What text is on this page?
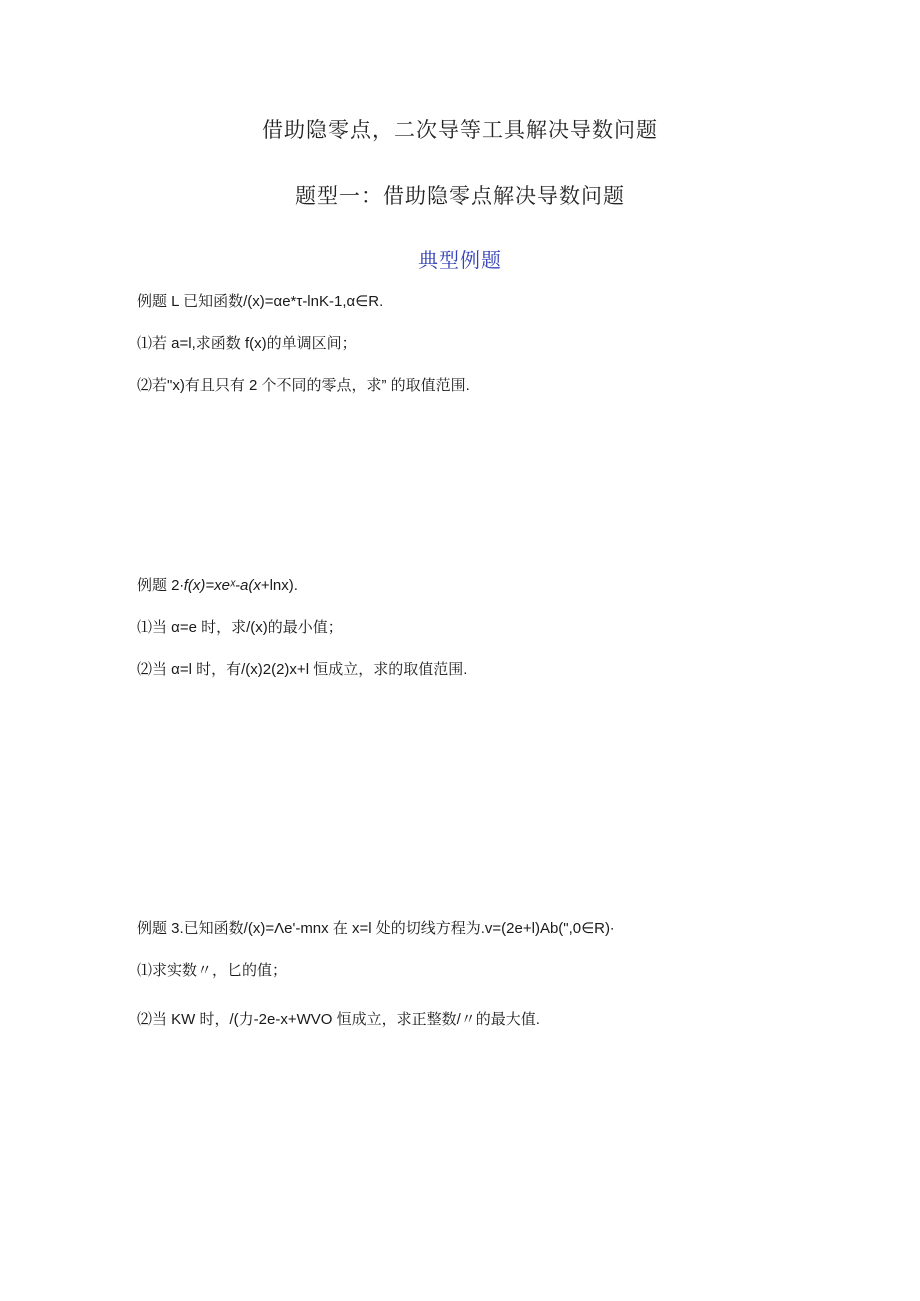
借助隐零点，二次导等工具解决导数问题
题型一：借助隐零点解决导数问题
典型例题
例题 L 已知函数/(x)=αe*τ-lnK-1,α∈R.
⑴若 a=l,求函数 f(x)的单调区间；
⑵若"x)有且只有 2 个不同的零点，求” 的取值范围.
例题 2∙f(x)=xeˣ-a(x+lnx).
⑴当 α=e 时，求/(x)的最小值；
⑵当 α=l 时，有/(x)2(2)x+l 恒成立，求的取值范围.
例题 3.已知函数/(x)=Λe'-mnx 在 x=l 处的切线方程为.v=(2e+l)Ab(",0∈R)∙
⑴求实数〃，匕的值；
⑵当 KW 时，/(力-2e-x+WVO 恒成立，求正整数/〃的最大值.
